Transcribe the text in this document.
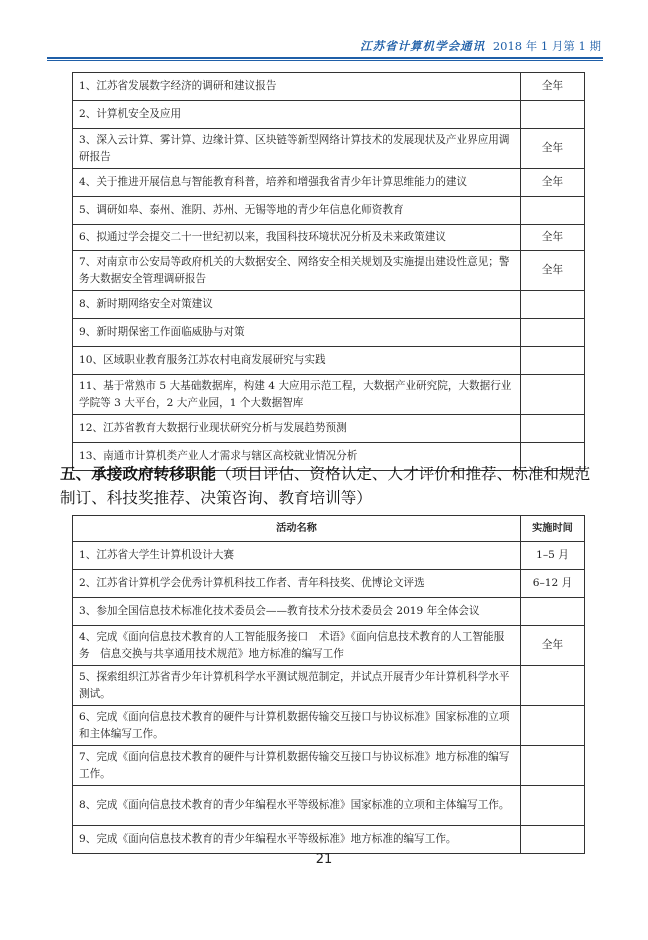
江苏省计算机学会通讯 2018 年 1 月第 1 期
1、江苏省发展数字经济的调研和建议报告	全年
2、计算机安全及应用	
3、深入云计算、雾计算、边缘计算、区块链等新型网络计算技术的发展现状及产业界应用调研报告	全年
4、关于推进开展信息与智能教育科普，培养和增强我省青少年计算思维能力的建议	全年
5、调研如皋、泰州、淮阴、苏州、无锡等地的青少年信息化师资教育	
6、拟通过学会提交二十一世纪初以来，我国科技环境状况分析及未来政策建议	全年
7、对南京市公安局等政府机关的大数据安全、网络安全相关规划及实施提出建设性意见；警务大数据安全管理调研报告	全年
8、新时期网络安全对策建议	
9、新时期保密工作面临威胁与对策	
10、区域职业教育服务江苏农村电商发展研究与实践	
11、基于常熟市 5 大基础数据库，构建 4 大应用示范工程，大数据产业研究院，大数据行业学院等 3 大平台，2 大产业园，1 个大数据智库	
12、江苏省教育大数据行业现状研究分析与发展趋势预测	
13、南通市计算机类产业人才需求与辖区高校就业情况分析	
五、承接政府转移职能（项目评估、资格认定、人才评价和推荐、标准和规范制订、科技奖推荐、决策咨询、教育培训等）
活动名称	实施时间
1、江苏省大学生计算机设计大赛	1–5 月
2、江苏省计算机学会优秀计算机科技工作者、青年科技奖、优博论文评选	6–12 月
3、参加全国信息技术标准化技术委员会——教育技术分技术委员会 2019 年全体会议	
4、完成《面向信息技术教育的人工智能服务接口　术语》《面向信息技术教育的人工智能服务　信息交换与共享通用技术规范》地方标准的编写工作	全年
5、探索组织江苏省青少年计算机科学水平测试规范制定，并试点开展青少年计算机科学水平测试。	
6、完成《面向信息技术教育的硬件与计算机数据传输交互接口与协议标准》国家标准的立项和主体编写工作。	
7、完成《面向信息技术教育的硬件与计算机数据传输交互接口与协议标准》地方标准的编写工作。	
8、完成《面向信息技术教育的青少年编程水平等级标准》国家标准的立项和主体编写工作。	
9、完成《面向信息技术教育的青少年编程水平等级标准》地方标准的编写工作。	
21
